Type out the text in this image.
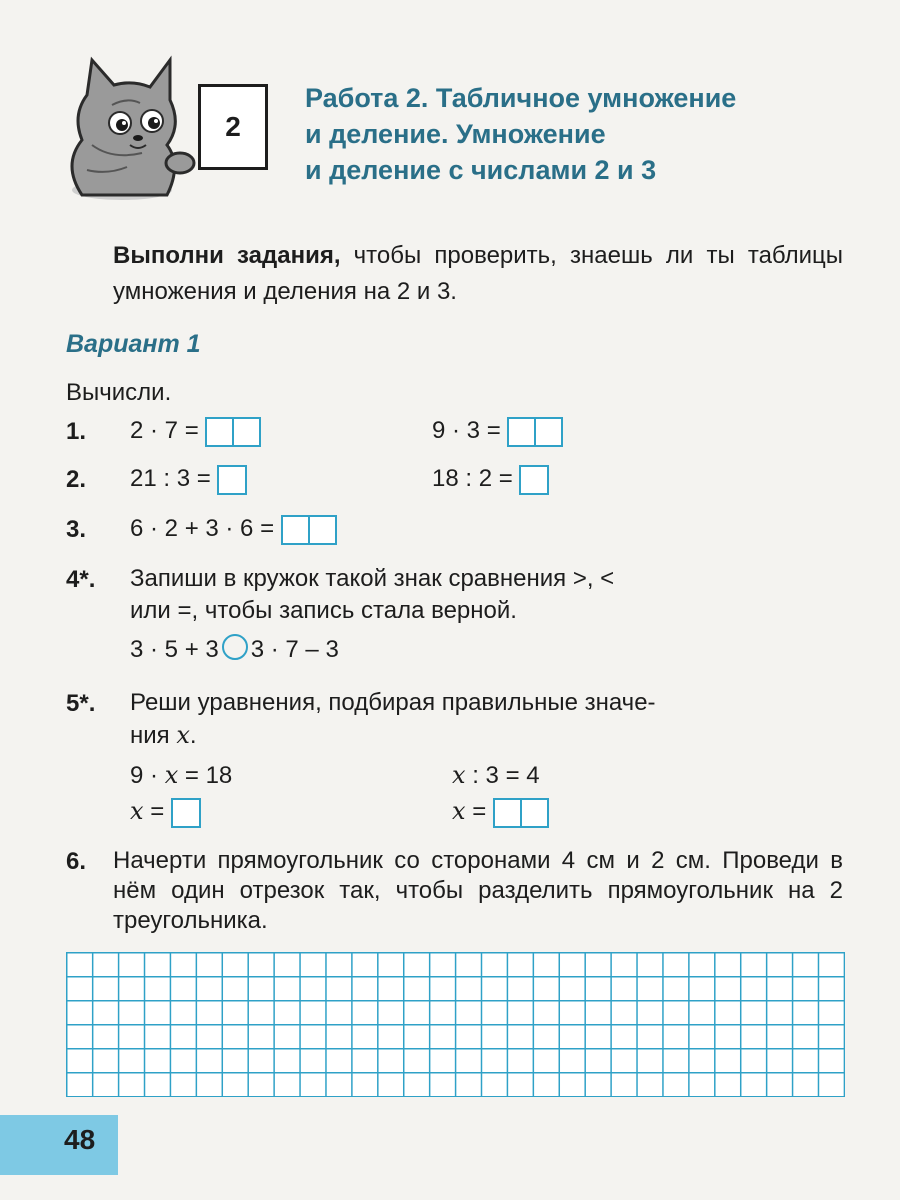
2
Работа 2. Табличное умножение
и деление. Умножение
и деление с числами 2 и 3
Выполни задания, чтобы проверить, знаешь ли ты таблицы умножения и деления на 2 и 3.
Вариант 1
Вычисли.
1. 2 · 7 =	9 · 3 =
2. 21 : 3 =	18 : 2 =
3. 6 · 2 + 3 · 6 =
4*. Запиши в кружок такой знак сравнения >, <
или =, чтобы запись стала верной.
3 · 5 + 3 3 · 7 – 3
5*. Реши уравнения, подбирая правильные значе-
ния x.
9 · x = 18	x : 3 = 4
x =	x =
6. Начерти прямоугольник со сторонами 4 см и 2 см. Проведи в нём один отрезок так, чтобы разделить прямоугольник на 2 треугольника.
48
